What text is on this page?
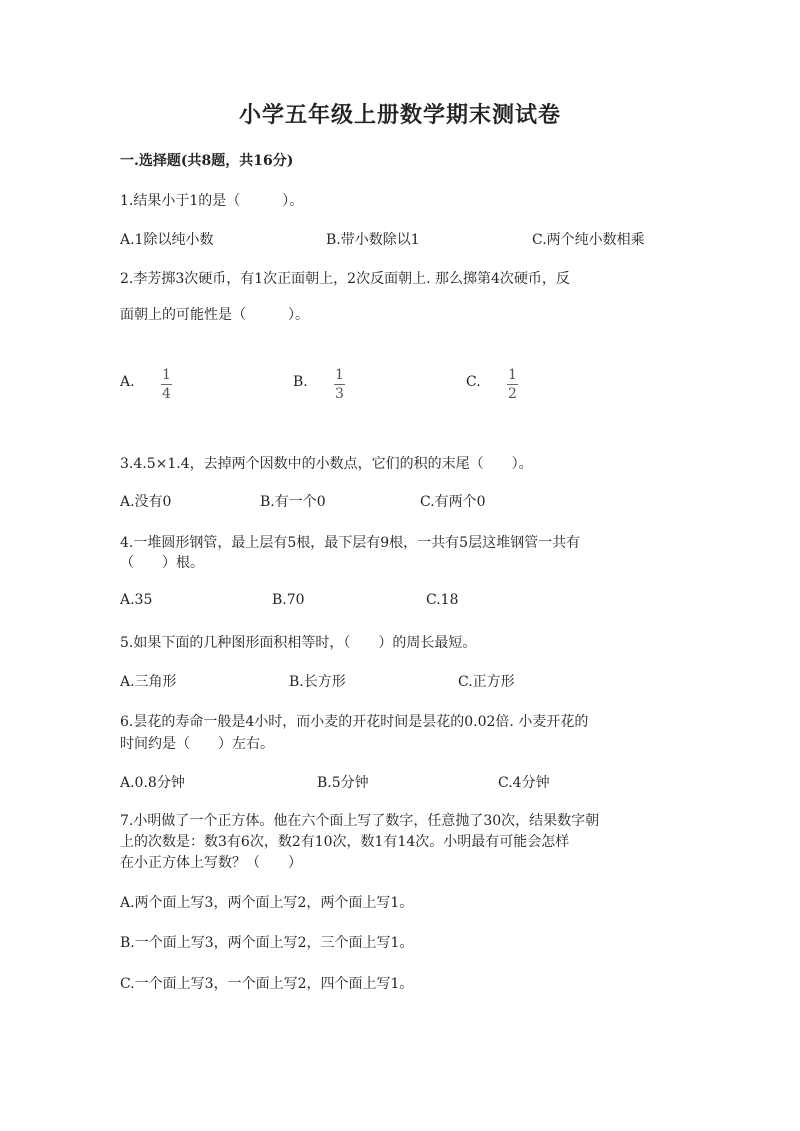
小学五年级上册数学期末测试卷
一.选择题(共8题，共16分)
1.结果小于1的是（　　　）。
A.1除以纯小数	B.带小数除以1	C.两个纯小数相乘
2.李芳掷3次硬币，有1次正面朝上，2次反面朝上. 那么掷第4次硬币，反
面朝上的可能性是（　　　）。
A. 1
4
B. 1
3
C. 1
2
3.4.5×1.4，去掉两个因数中的小数点，它们的积的末尾（　　）。
A.没有0	B.有一个0	C.有两个0
4.一堆圆形钢管，最上层有5根，最下层有9根，一共有5层这堆钢管一共有
（　　）根。
A.35	B.70	C.18
5.如果下面的几种图形面积相等时，（　　）的周长最短。
A.三角形	B.长方形	C.正方形
6.昙花的寿命一般是4小时，而小麦的开花时间是昙花的0.02倍. 小麦开花的
时间约是（　　）左右。
A.0.8分钟	B.5分钟	C.4分钟
7.小明做了一个正方体。他在六个面上写了数字，任意抛了30次，结果数字朝
上的次数是：数3有6次，数2有10次，数1有14次。小明最有可能会怎样
在小正方体上写数？（　　）
A.两个面上写3，两个面上写2，两个面上写1。
B.一个面上写3，两个面上写2，三个面上写1。
C.一个面上写3，一个面上写2，四个面上写1。
